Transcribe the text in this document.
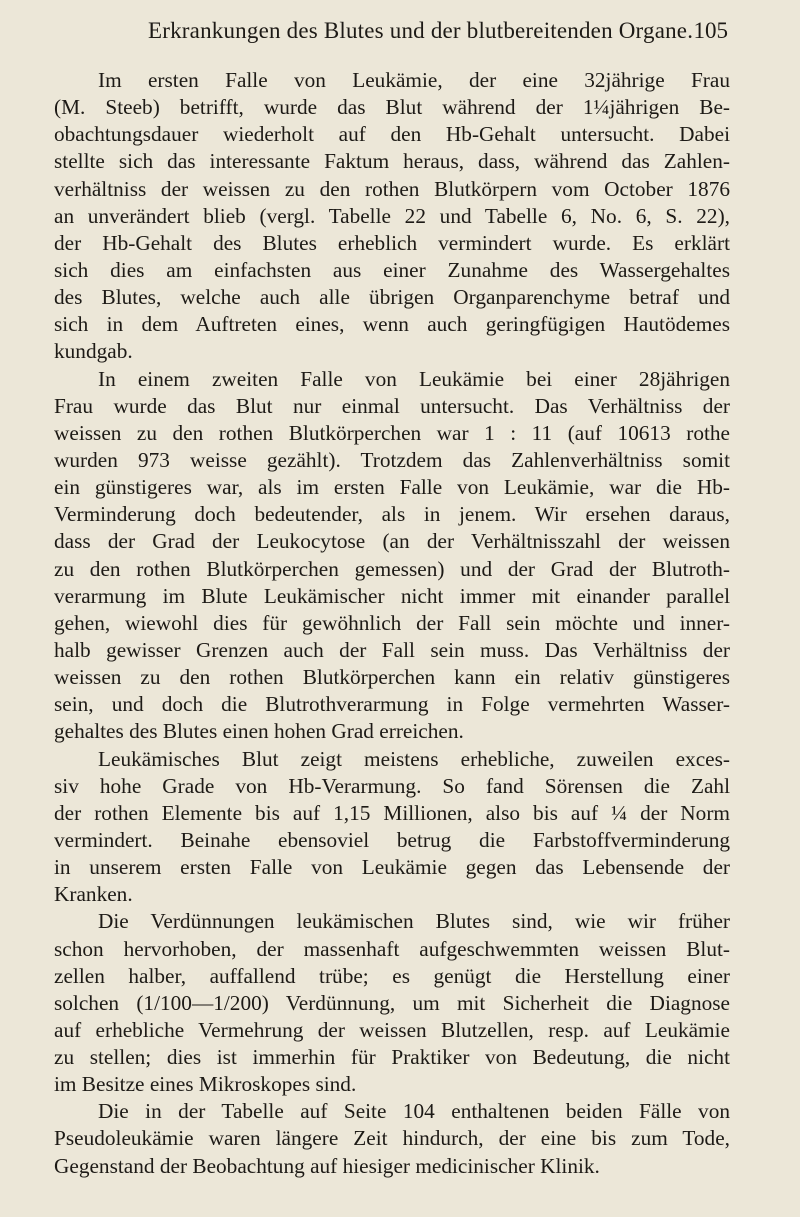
Erkrankungen des Blutes und der blutbereitenden Organe. 105
Im ersten Falle von Leukämie, der eine 32jährige Frau
(M. Steeb) betrifft, wurde das Blut während der 1¼jährigen Be-
obachtungsdauer wiederholt auf den Hb-Gehalt untersucht. Dabei
stellte sich das interessante Faktum heraus, dass, während das Zahlen-
verhältniss der weissen zu den rothen Blutkörpern vom October 1876
an unverändert blieb (vergl. Tabelle 22 und Tabelle 6, No. 6, S. 22),
der Hb-Gehalt des Blutes erheblich vermindert wurde. Es erklärt
sich dies am einfachsten aus einer Zunahme des Wassergehaltes
des Blutes, welche auch alle übrigen Organparenchyme betraf und
sich in dem Auftreten eines, wenn auch geringfügigen Hautödemes
kundgab.
In einem zweiten Falle von Leukämie bei einer 28jährigen
Frau wurde das Blut nur einmal untersucht. Das Verhältniss der
weissen zu den rothen Blutkörperchen war 1 : 11 (auf 10613 rothe
wurden 973 weisse gezählt). Trotzdem das Zahlenverhältniss somit
ein günstigeres war, als im ersten Falle von Leukämie, war die Hb-
Verminderung doch bedeutender, als in jenem. Wir ersehen daraus,
dass der Grad der Leukocytose (an der Verhältnisszahl der weissen
zu den rothen Blutkörperchen gemessen) und der Grad der Blutroth-
verarmung im Blute Leukämischer nicht immer mit einander parallel
gehen, wiewohl dies für gewöhnlich der Fall sein möchte und inner-
halb gewisser Grenzen auch der Fall sein muss. Das Verhältniss der
weissen zu den rothen Blutkörperchen kann ein relativ günstigeres
sein, und doch die Blutrothverarmung in Folge vermehrten Wasser-
gehaltes des Blutes einen hohen Grad erreichen.
Leukämisches Blut zeigt meistens erhebliche, zuweilen exces-
siv hohe Grade von Hb-Verarmung. So fand Sörensen die Zahl
der rothen Elemente bis auf 1,15 Millionen, also bis auf ¼ der Norm
vermindert. Beinahe ebensoviel betrug die Farbstoffverminderung
in unserem ersten Falle von Leukämie gegen das Lebensende der
Kranken.
Die Verdünnungen leukämischen Blutes sind, wie wir früher
schon hervorhoben, der massenhaft aufgeschwemmten weissen Blut-
zellen halber, auffallend trübe; es genügt die Herstellung einer
solchen (1/100—1/200) Verdünnung, um mit Sicherheit die Diagnose
auf erhebliche Vermehrung der weissen Blutzellen, resp. auf Leukämie
zu stellen; dies ist immerhin für Praktiker von Bedeutung, die nicht
im Besitze eines Mikroskopes sind.
Die in der Tabelle auf Seite 104 enthaltenen beiden Fälle von
Pseudoleukämie waren längere Zeit hindurch, der eine bis zum Tode,
Gegenstand der Beobachtung auf hiesiger medicinischer Klinik.
